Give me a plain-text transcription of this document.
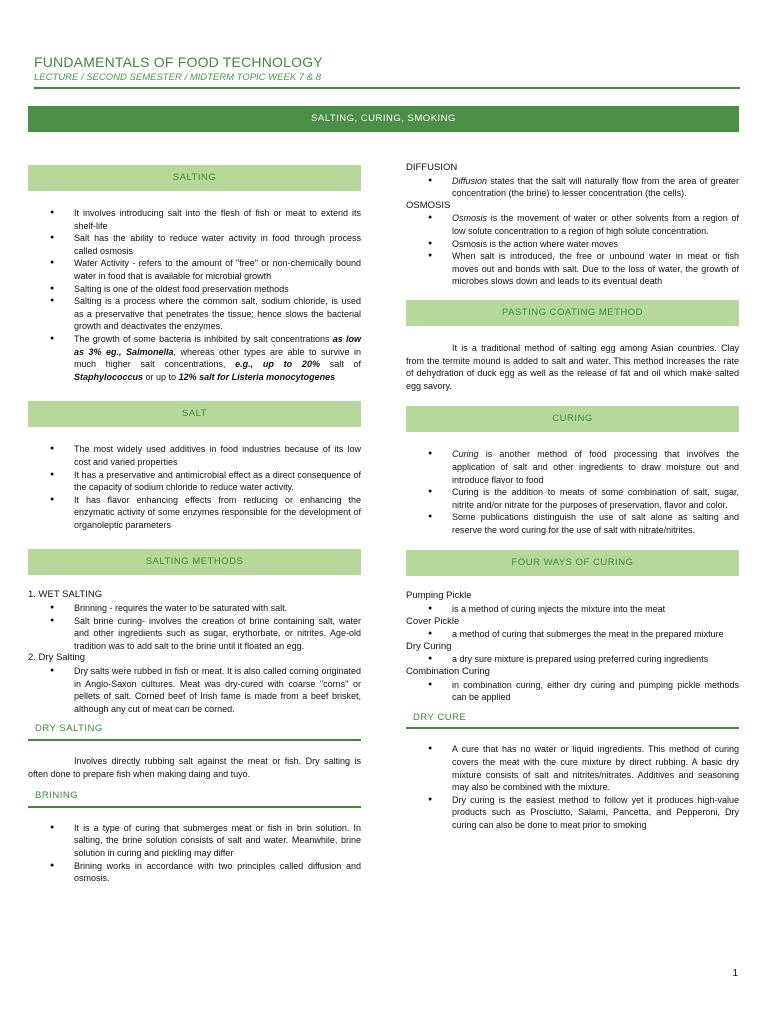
FUNDAMENTALS OF FOOD TECHNOLOGY
LECTURE / SECOND SEMESTER / MIDTERM TOPIC WEEK 7 & 8
SALTING, CURING, SMOKING
SALTING
● It involves introducing salt into the flesh of fish or meat to extend its shelf-life
● Salt has the ability to reduce water activity in food through process called osmosis
● Water Activity - refers to the amount of "free" or non-chemically bound water in food that is available for microbial growth
● Salting is one of the oldest food preservation methods
● Salting is a process where the common salt, sodium chloride, is used as a preservative that penetrates the tissue; hence slows the bacterial growth and deactivates the enzymes.
● The growth of some bacteria is inhibited by salt concentrations as low as 3% eg., Salmonella, whereas other types are able to survive in much higher salt concentrations, e.g., up to 20% salt of Staphylococcus or up to 12% salt for Listeria monocytogenes
SALT
● The most widely used additives in food industries because of its low cost and varied properties
● It has a preservative and antimicrobial effect as a direct consequence of the capacity of sodium chloride to reduce water activity.
● It has flavor enhancing effects from reducing or enhancing the enzymatic activity of some enzymes responsible for the development of organoleptic parameters
SALTING METHODS
1. WET SALTING
● Brinning - requires the water to be saturated with salt.
● Salt brine curing- involves the creation of brine containing salt, water and other ingredients such as sugar, erythorbate, or nitrites. Age-old tradition was to add salt to the brine until it floated an egg.
2. Dry Salting
● Dry salts were rubbed in fish or meat. It is also called corning originated in Anglo-Saxon cultures. Meat was dry-cured with coarse "corns" or pellets of salt. Corned beef of Irish fame is made from a beef brisket, although any cut of meat can be corned.
DRY SALTING
Involves directly rubbing salt against the meat or fish. Dry salting is often done to prepare fish when making daing and tuyo.
BRINING
● It is a type of curing that submerges meat or fish in brin solution. In salting, the brine solution consists of salt and water. Meanwhile, brine solution in curing and pickling may differ
● Brining works in accordance with two principles called diffusion and osmosis.
DIFFUSION
● Diffusion states that the salt will naturally flow from the area of greater concentration (the brine) to lesser concentration (the cells).
OSMOSIS
● Osmosis is the movement of water or other solvents from a region of low solute concentration to a region of high solute concentration.
● Osmosis is the action where water moves
● When salt is introduced, the free or unbound water in meat or fish moves out and bonds with salt. Due to the loss of water, the growth of microbes slows down and leads to its eventual death
PASTING COATING METHOD
It is a traditional method of salting egg among Asian countries. Clay from the termite mound is added to salt and water. This method increases the rate of dehydration of duck egg as well as the release of fat and oil which make salted egg savory.
CURING
● Curing is another method of food processing that involves the application of salt and other ingredients to draw moisture out and introduce flavor to food
● Curing is the addition to meats of some combination of salt, sugar, nitrite and/or nitrate for the purposes of preservation, flavor and color.
● Some publications distinguish the use of salt alone as salting and reserve the word curing for the use of salt with nitrate/nitrites.
FOUR WAYS OF CURING
Pumping Pickle
● is a method of curing injects the mixture into the meat
Cover Pickle
● a method of curing that submerges the meat in the prepared mixture
Dry Curing
● a dry sure mixture is prepared using preferred curing ingredients
Combination Curing
● in combination curing, either dry curing and pumping pickle methods can be applied
DRY CURE
● A cure that has no water or liquid ingredients. This method of curing covers the meat with the cure mixture by direct rubbing. A basic dry mixture consists of salt and nitrites/nitrates. Additives and seasoning may also be combined with the mixture.
● Dry curing is the easiest method to follow yet it produces high-value products such as Prosciutto, Salami, Pancetta, and Pepperoni, Dry curing can also be done to meat prior to smoking
1
